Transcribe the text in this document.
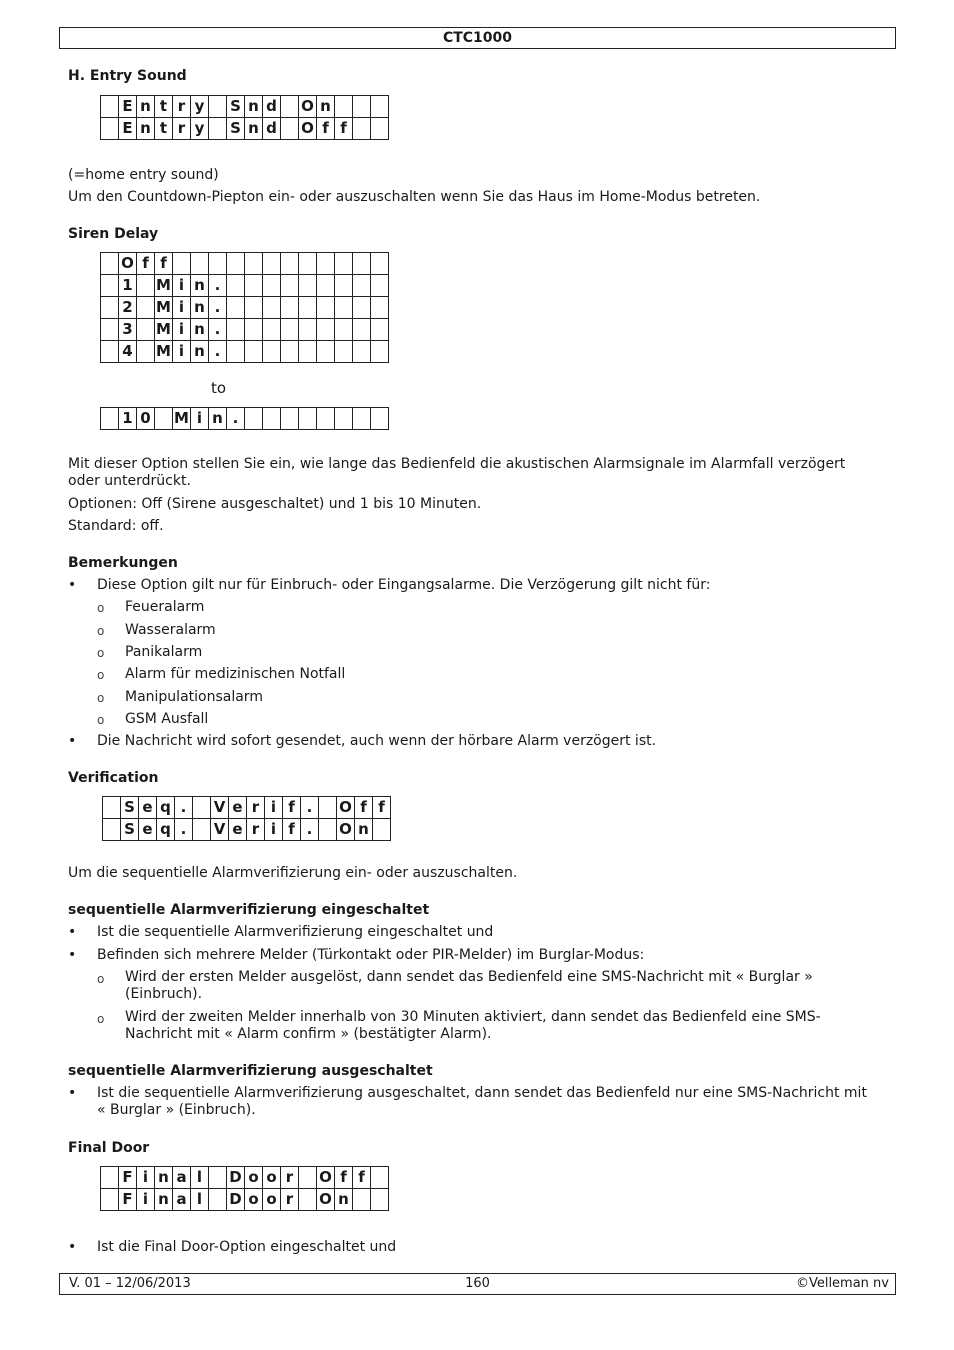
CTC1000
H. Entry Sound
	E	n	t	r	y		S	n	d		O	n			
	E	n	t	r	y		S	n	d		O	f	f		
(=home entry sound)
Um den Countdown-Piepton ein- oder auszuschalten wenn Sie das Haus im Home-Modus betreten.
Siren Delay
	O	f	f												
	1		M	i	n	.									
	2		M	i	n	.									
	3		M	i	n	.									
	4		M	i	n	.									
to
	1	0		M	i	n	.								
Mit dieser Option stellen Sie ein, wie lange das Bedienfeld die akustischen Alarmsignale im Alarmfall verzögert oder unterdrückt.
Optionen: Off (Sirene ausgeschaltet) und 1 bis 10 Minuten.
Standard: off.
Bemerkungen
•	Diese Option gilt nur für Einbruch- oder Eingangsalarme. Die Verzögerung gilt nicht für:
o Feueralarm
o Wasseralarm
o Panikalarm
o Alarm für medizinischen Notfall
o Manipulationsalarm
o GSM Ausfall
•	Die Nachricht wird sofort gesendet, auch wenn der hörbare Alarm verzögert ist.
Verification
	S	e	q	.		V	e	r	i	f	.		O	f	f
	S	e	q	.		V	e	r	i	f	.		O	n	
Um die sequentielle Alarmverifizierung ein- oder auszuschalten.
sequentielle Alarmverifizierung eingeschaltet
•	Ist die sequentielle Alarmverifizierung eingeschaltet und
•	Befinden sich mehrere Melder (Türkontakt oder PIR-Melder) im Burglar-Modus:
o Wird der ersten Melder ausgelöst, dann sendet das Bedienfeld eine SMS-Nachricht mit « Burglar » (Einbruch).
o Wird der zweiten Melder innerhalb von 30 Minuten aktiviert, dann sendet das Bedienfeld eine SMS-Nachricht mit « Alarm confirm » (bestätigter Alarm).
sequentielle Alarmverifizierung ausgeschaltet
•	Ist die sequentielle Alarmverifizierung ausgeschaltet, dann sendet das Bedienfeld nur eine SMS-Nachricht mit « Burglar » (Einbruch).
Final Door
	F	i	n	a	l		D	o	o	r		O	f	f	
	F	i	n	a	l		D	o	o	r		O	n		
•	Ist die Final Door-Option eingeschaltet und
V. 01 – 12/06/2013	160	©Velleman nv
